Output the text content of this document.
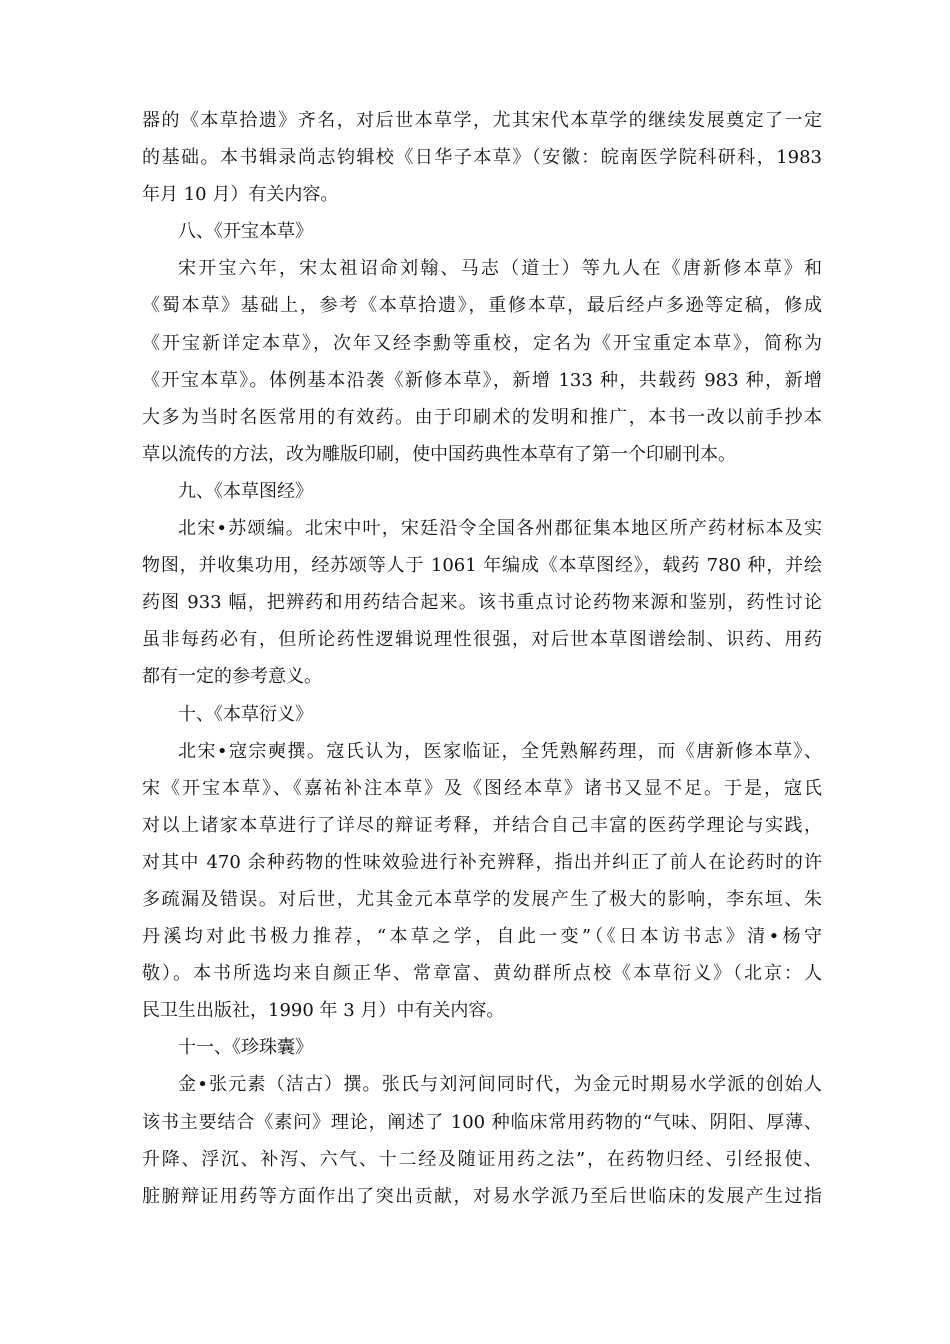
器的《本草拾遗》齐名，对后世本草学，尤其宋代本草学的继续发展奠定了一定
的基础。本书辑录尚志钧辑校《日华子本草》（安徽：皖南医学院科研科，1983
年月 10 月）有关内容。
八、《开宝本草》
宋开宝六年，宋太祖诏命刘翰、马志（道士）等九人在《唐新修本草》和
《蜀本草》基础上，参考《本草拾遗》，重修本草，最后经卢多逊等定稿，修成
《开宝新详定本草》，次年又经李勳等重校，定名为《开宝重定本草》，简称为
《开宝本草》。体例基本沿袭《新修本草》，新增 133 种，共载药 983 种，新增
大多为当时名医常用的有效药。由于印刷术的发明和推广，本书一改以前手抄本
草以流传的方法，改为雕版印刷，使中国药典性本草有了第一个印刷刊本。
九、《本草图经》
北宋•苏颂编。北宋中叶，宋廷沿令全国各州郡征集本地区所产药材标本及实
物图，并收集功用，经苏颂等人于 1061 年编成《本草图经》，载药 780 种，并绘
药图 933 幅，把辨药和用药结合起来。该书重点讨论药物来源和鉴别，药性讨论
虽非每药必有，但所论药性逻辑说理性很强，对后世本草图谱绘制、识药、用药
都有一定的参考意义。
十、《本草衍义》
北宋•寇宗奭撰。寇氏认为，医家临证，全凭熟解药理，而《唐新修本草》、
宋《开宝本草》、《嘉祐补注本草》及《图经本草》诸书又显不足。于是，寇氏
对以上诸家本草进行了详尽的辩证考释，并结合自己丰富的医药学理论与实践，
对其中 470 余种药物的性味效验进行补充辨释，指出并纠正了前人在论药时的许
多疏漏及错误。对后世，尤其金元本草学的发展产生了极大的影响，李东垣、朱
丹溪均对此书极力推荐，“本草之学，自此一变”（《日本访书志》清•杨守
敬）。本书所选均来自颜正华、常章富、黄幼群所点校《本草衍义》（北京：人
民卫生出版社，1990 年 3 月）中有关内容。
十一、《珍珠囊》
金•张元素（洁古）撰。张氏与刘河间同时代，为金元时期易水学派的创始人
该书主要结合《素问》理论，阐述了 100 种临床常用药物的“气味、阴阳、厚薄、
升降、浮沉、补泻、六气、十二经及随证用药之法”，在药物归经、引经报使、
脏腑辩证用药等方面作出了突出贡献，对易水学派乃至后世临床的发展产生过指
